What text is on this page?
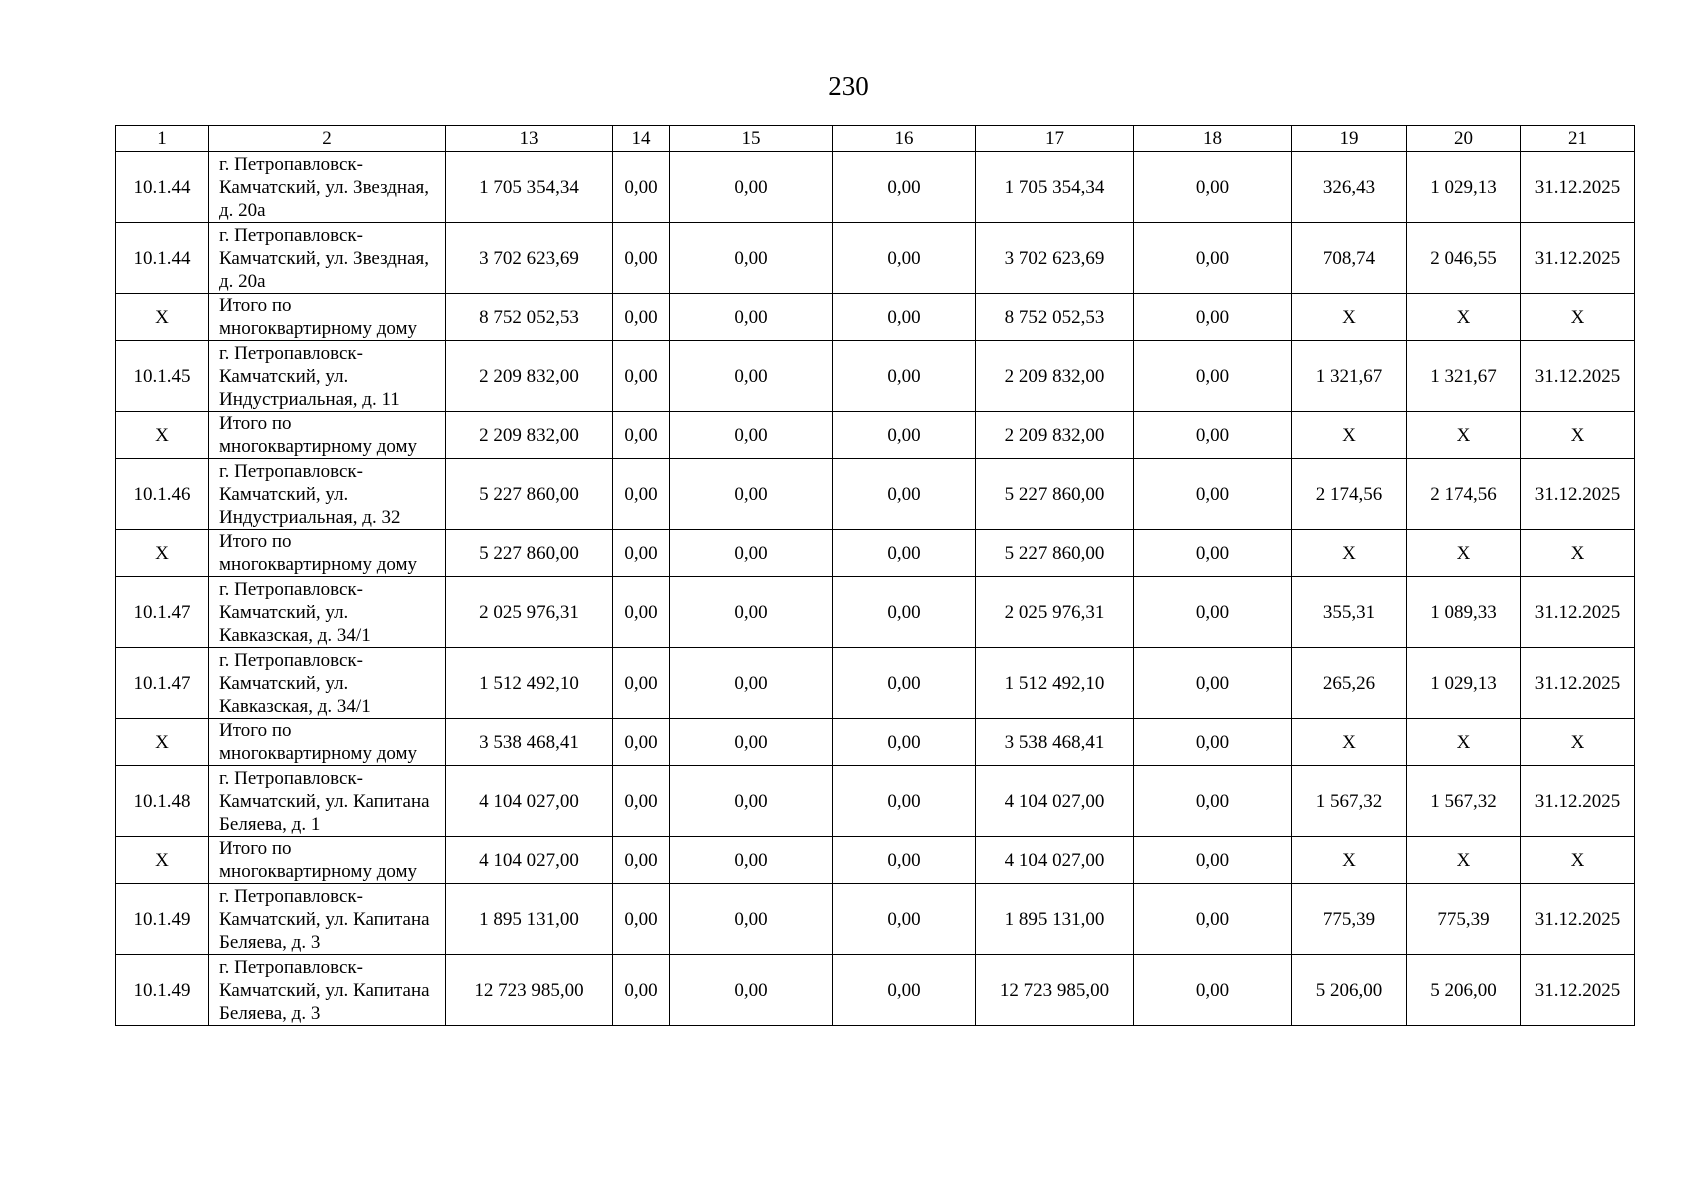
230
1	2	13	14	15	16	17	18	19	20	21
10.1.44	г. Петропавловск-Камчатский, ул. Звездная, д. 20а	1 705 354,34	0,00	0,00	0,00	1 705 354,34	0,00	326,43	1 029,13	31.12.2025
10.1.44	г. Петропавловск-Камчатский, ул. Звездная, д. 20а	3 702 623,69	0,00	0,00	0,00	3 702 623,69	0,00	708,74	2 046,55	31.12.2025
Х	Итого по многоквартирному дому	8 752 052,53	0,00	0,00	0,00	8 752 052,53	0,00	Х	Х	Х
10.1.45	г. Петропавловск-Камчатский, ул. Индустриальная, д. 11	2 209 832,00	0,00	0,00	0,00	2 209 832,00	0,00	1 321,67	1 321,67	31.12.2025
Х	Итого по многоквартирному дому	2 209 832,00	0,00	0,00	0,00	2 209 832,00	0,00	Х	Х	Х
10.1.46	г. Петропавловск-Камчатский, ул. Индустриальная, д. 32	5 227 860,00	0,00	0,00	0,00	5 227 860,00	0,00	2 174,56	2 174,56	31.12.2025
Х	Итого по многоквартирному дому	5 227 860,00	0,00	0,00	0,00	5 227 860,00	0,00	Х	Х	Х
10.1.47	г. Петропавловск-Камчатский, ул. Кавказская, д. 34/1	2 025 976,31	0,00	0,00	0,00	2 025 976,31	0,00	355,31	1 089,33	31.12.2025
10.1.47	г. Петропавловск-Камчатский, ул. Кавказская, д. 34/1	1 512 492,10	0,00	0,00	0,00	1 512 492,10	0,00	265,26	1 029,13	31.12.2025
Х	Итого по многоквартирному дому	3 538 468,41	0,00	0,00	0,00	3 538 468,41	0,00	Х	Х	Х
10.1.48	г. Петропавловск-Камчатский, ул. Капитана Беляева, д. 1	4 104 027,00	0,00	0,00	0,00	4 104 027,00	0,00	1 567,32	1 567,32	31.12.2025
Х	Итого по многоквартирному дому	4 104 027,00	0,00	0,00	0,00	4 104 027,00	0,00	Х	Х	Х
10.1.49	г. Петропавловск-Камчатский, ул. Капитана Беляева, д. 3	1 895 131,00	0,00	0,00	0,00	1 895 131,00	0,00	775,39	775,39	31.12.2025
10.1.49	г. Петропавловск-Камчатский, ул. Капитана Беляева, д. 3	12 723 985,00	0,00	0,00	0,00	12 723 985,00	0,00	5 206,00	5 206,00	31.12.2025
